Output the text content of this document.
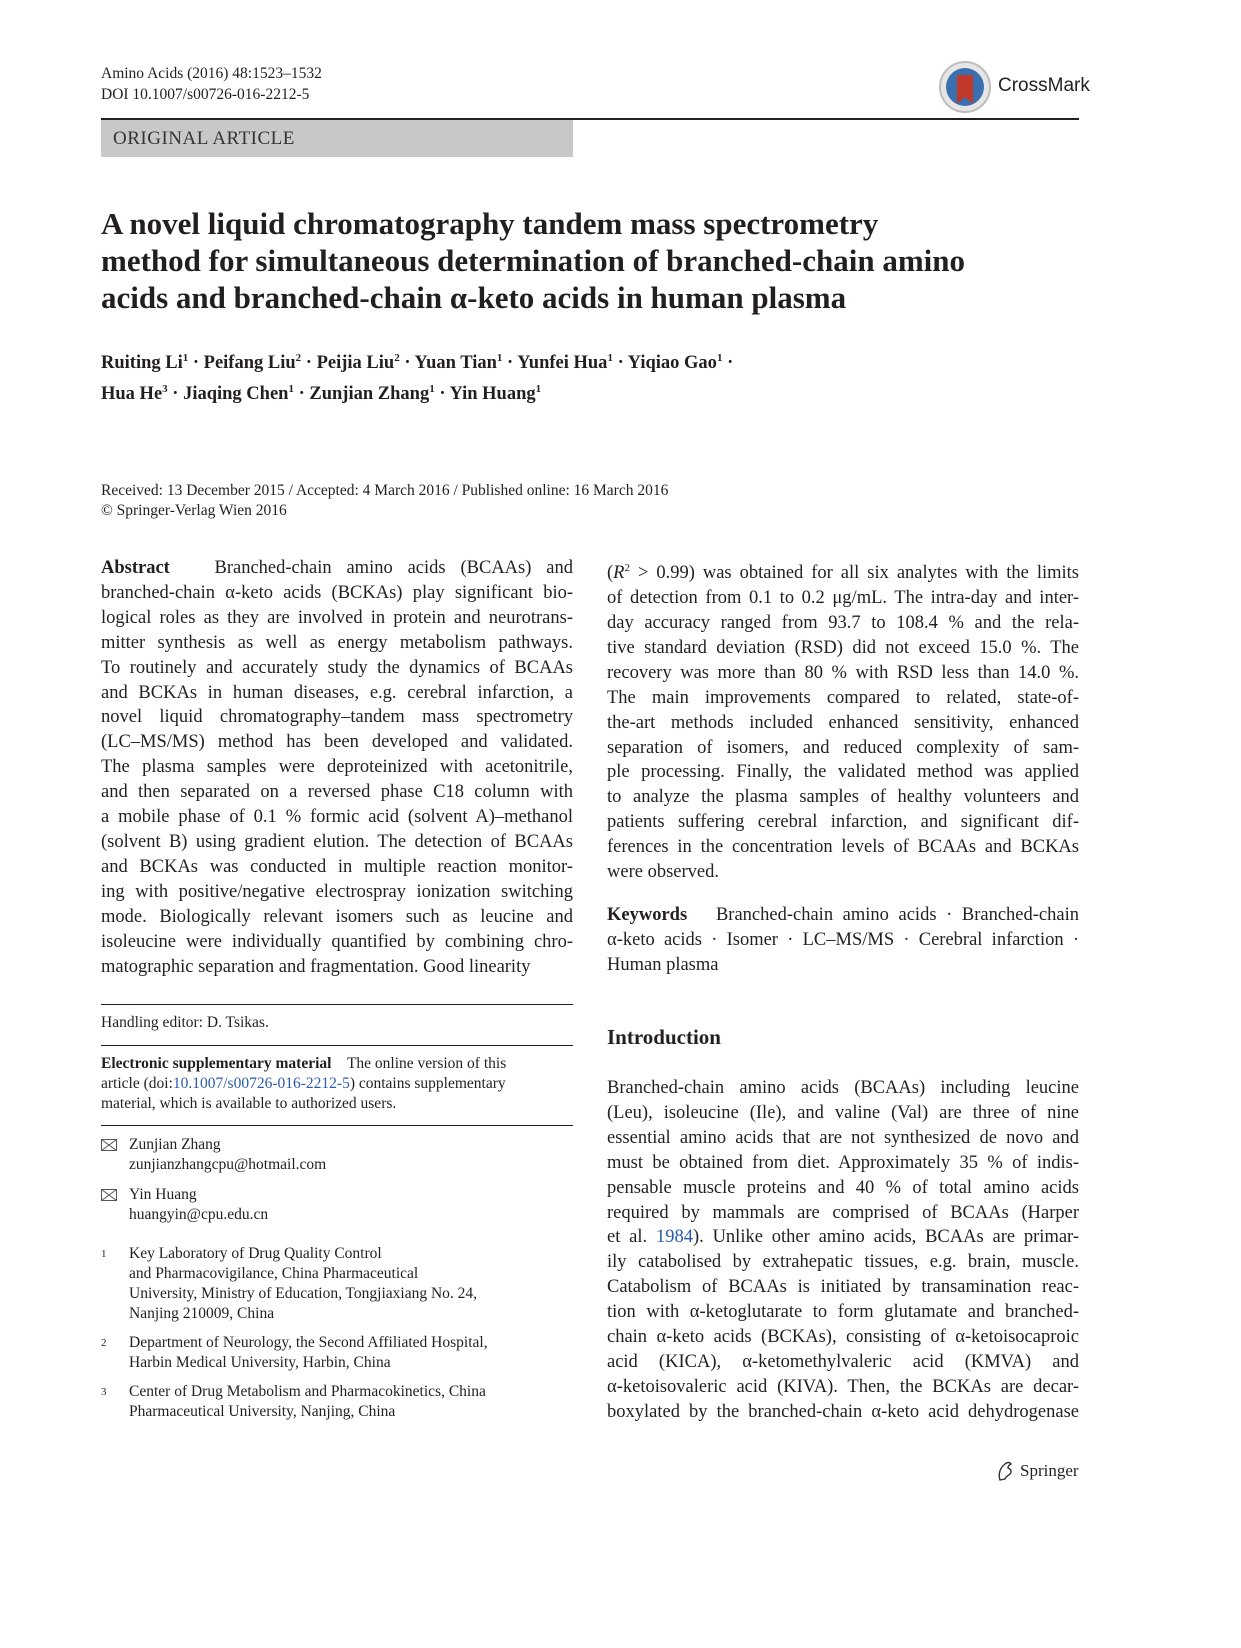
Amino Acids (2016) 48:1523–1532
DOI 10.1007/s00726-016-2212-5	CrossMark
ORIGINAL ARTICLE
A novel liquid chromatography tandem mass spectrometry
method for simultaneous determination of branched-chain amino
acids and branched-chain α-keto acids in human plasma
Ruiting $Li^1$ · Peifang Liu$^2$ · Peijia Liu$^2$ · Yuan Tian$^1$ · Yunfei Hua$^1$ · Yiqiao Gao$^1$ ·
Hua $He^3$ · Jiaqing Chen$^1$ · Zunjian Zhang$^1$ · Yin Huang$^1$
Received: 13 December 2015 / Accepted: 4 March 2016 / Published online: 16 March 2016
© Springer-Verlag Wien 2016
Abstract Branched-chain amino acids (BCAAs) and
branched-chain α-keto acids (BCKAs) play significant bio-
logical roles as they are involved in protein and neurotrans-
mitter synthesis as well as energy metabolism pathways.
To routinely and accurately study the dynamics of BCAAs
and BCKAs in human diseases, e.g. cerebral infarction, a
novel liquid chromatography–tandem mass spectrometry
(LC–MS/MS) method has been developed and validated.
The plasma samples were deproteinized with acetonitrile,
and then separated on a reversed phase C18 column with
a mobile phase of 0.1 % formic acid (solvent A)–methanol
(solvent B) using gradient elution. The detection of BCAAs
and BCKAs was conducted in multiple reaction monitor-
ing with positive/negative electrospray ionization switching
mode. Biologically relevant isomers such as leucine and
isoleucine were individually quantified by combining chro-
matographic separation and fragmentation. Good linearity
$(R^2 > 0.99)$ was obtained for all six analytes with the limits
of detection from 0.1 to 0.2 μg/mL. The intra-day and inter-
day accuracy ranged from 93.7 to 108.4 % and the rela-
tive standard deviation (RSD) did not exceed 15.0 %. The
recovery was more than 80 % with RSD less than 14.0 %.
The main improvements compared to related, state-of-
the-art methods included enhanced sensitivity, enhanced
separation of isomers, and reduced complexity of sam-
ple processing. Finally, the validated method was applied
to analyze the plasma samples of healthy volunteers and
patients suffering cerebral infarction, and significant dif-
ferences in the concentration levels of BCAAs and BCKAs
were observed.
Keywords Branched-chain amino acids · Branched-chain
α-keto acids · Isomer · LC–MS/MS · Cerebral infarction ·
Human plasma
Introduction
Branched-chain amino acids (BCAAs) including leucine
(Leu), isoleucine (Ile), and valine (Val) are three of nine
essential amino acids that are not synthesized de novo and
must be obtained from diet. Approximately 35 % of indis-
pensable muscle proteins and 40 % of total amino acids
required by mammals are comprised of BCAAs (Harper
et al. 1984). Unlike other amino acids, BCAAs are primar-
ily catabolised by extrahepatic tissues, e.g. brain, muscle.
Catabolism of BCAAs is initiated by transamination reac-
tion with α-ketoglutarate to form glutamate and branched-
chain α-keto acids (BCKAs), consisting of α-ketoisocaproic
acid (KICA), α-ketomethylvaleric acid (KMVA) and
α-ketoisovaleric acid (KIVA). Then, the BCKAs are decar-
boxylated by the branched-chain α-keto acid dehydrogenase
Handling editor: D. Tsikas.
Electronic supplementary material The online version of this
article (doi:10.1007/s00726-016-2212-5) contains supplementary
material, which is available to authorized users.
Zunjian Zhang
zunjianzhangcpu@hotmail.com
Yin Huang
huangyin@cpu.edu.cn
1 Key Laboratory of Drug Quality Control
and Pharmacovigilance, China Pharmaceutical
University, Ministry of Education, Tongjiaxiang No. 24,
Nanjing 210009, China
2 Department of Neurology, the Second Affiliated Hospital,
Harbin Medical University, Harbin, China
3 Center of Drug Metabolism and Pharmacokinetics, China
Pharmaceutical University, Nanjing, China
Springer
